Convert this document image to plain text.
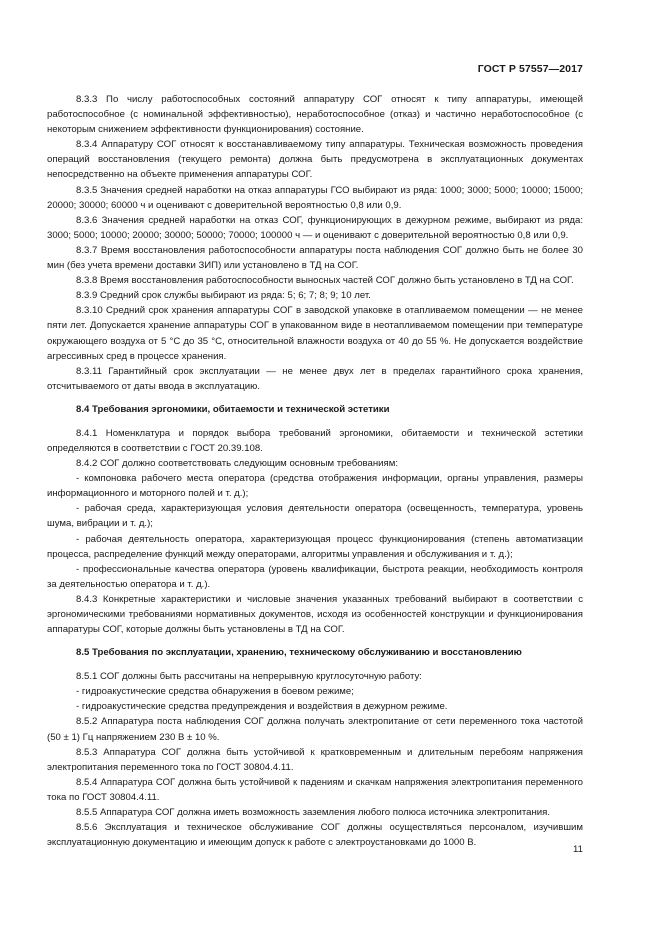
ГОСТ Р 57557—2017

8.3.3 По числу работоспособных состояний аппаратуру СОГ относят к типу аппаратуры, имеющей работоспособное (с номинальной эффективностью), неработоспособное (отказ) и частично неработоспособное (с некоторым снижением эффективности функционирования) состояние.

8.3.4 Аппаратуру СОГ относят к восстанавливаемому типу аппаратуры. Техническая возможность проведения операций восстановления (текущего ремонта) должна быть предусмотрена в эксплуатационных документах непосредственно на объекте применения аппаратуры СОГ.

8.3.5 Значения средней наработки на отказ аппаратуры ГСО выбирают из ряда: 1000; 3000; 5000; 10000; 15000; 20000; 30000; 60000 ч и оценивают с доверительной вероятностью 0,8 или 0,9.

8.3.6 Значения средней наработки на отказ СОГ, функционирующих в дежурном режиме, выбирают из ряда: 3000; 5000; 10000; 20000; 30000; 50000; 70000; 100000 ч — и оценивают с доверительной вероятностью 0,8 или 0,9.

8.3.7 Время восстановления работоспособности аппаратуры поста наблюдения СОГ должно быть не более 30 мин (без учета времени доставки ЗИП) или установлено в ТД на СОГ.

8.3.8 Время восстановления работоспособности выносных частей СОГ должно быть установлено в ТД на СОГ.

8.3.9 Средний срок службы выбирают из ряда: 5; 6; 7; 8; 9; 10 лет.

8.3.10 Средний срок хранения аппаратуры СОГ в заводской упаковке в отапливаемом помещении — не менее пяти лет. Допускается хранение аппаратуры СОГ в упакованном виде в неотапливаемом помещении при температуре окружающего воздуха от 5 °С до 35 °С, относительной влажности воздуха от 40 до 55 %. Не допускается воздействие агрессивных сред в процессе хранения.

8.3.11 Гарантийный срок эксплуатации — не менее двух лет в пределах гарантийного срока хранения, отсчитываемого от даты ввода в эксплуатацию.

8.4 Требования эргономики, обитаемости и технической эстетики

8.4.1 Номенклатура и порядок выбора требований эргономики, обитаемости и технической эстетики определяются в соответствии с ГОСТ 20.39.108.

8.4.2 СОГ должно соответствовать следующим основным требованиям:

- компоновка рабочего места оператора (средства отображения информации, органы управления, размеры информационного и моторного полей и т. д.);

- рабочая среда, характеризующая условия деятельности оператора (освещенность, температура, уровень шума, вибрации и т. д.);

- рабочая деятельность оператора, характеризующая процесс функционирования (степень автоматизации процесса, распределение функций между операторами, алгоритмы управления и обслуживания и т. д.);

- профессиональные качества оператора (уровень квалификации, быстрота реакции, необходимость контроля за деятельностью оператора и т. д.).

8.4.3 Конкретные характеристики и числовые значения указанных требований выбирают в соответствии с эргономическими требованиями нормативных документов, исходя из особенностей конструкции и функционирования аппаратуры СОГ, которые должны быть установлены в ТД на СОГ.

8.5 Требования по эксплуатации, хранению, техническому обслуживанию и восстановлению

8.5.1 СОГ должны быть рассчитаны на непрерывную круглосуточную работу:

- гидроакустические средства обнаружения в боевом режиме;

- гидроакустические средства предупреждения и воздействия в дежурном режиме.

8.5.2 Аппаратура поста наблюдения СОГ должна получать электропитание от сети переменного тока частотой (50 ± 1) Гц напряжением 230 В ± 10 %.

8.5.3 Аппаратура СОГ должна быть устойчивой к кратковременным и длительным перебоям напряжения электропитания переменного тока по ГОСТ 30804.4.11.

8.5.4 Аппаратура СОГ должна быть устойчивой к падениям и скачкам напряжения электропитания переменного тока по ГОСТ 30804.4.11.

8.5.5 Аппаратура СОГ должна иметь возможность заземления любого полюса источника электропитания.

8.5.6 Эксплуатация и техническое обслуживание СОГ должны осуществляться персоналом, изучившим эксплуатационную документацию и имеющим допуск к работе с электроустановками до 1000 В.

11
